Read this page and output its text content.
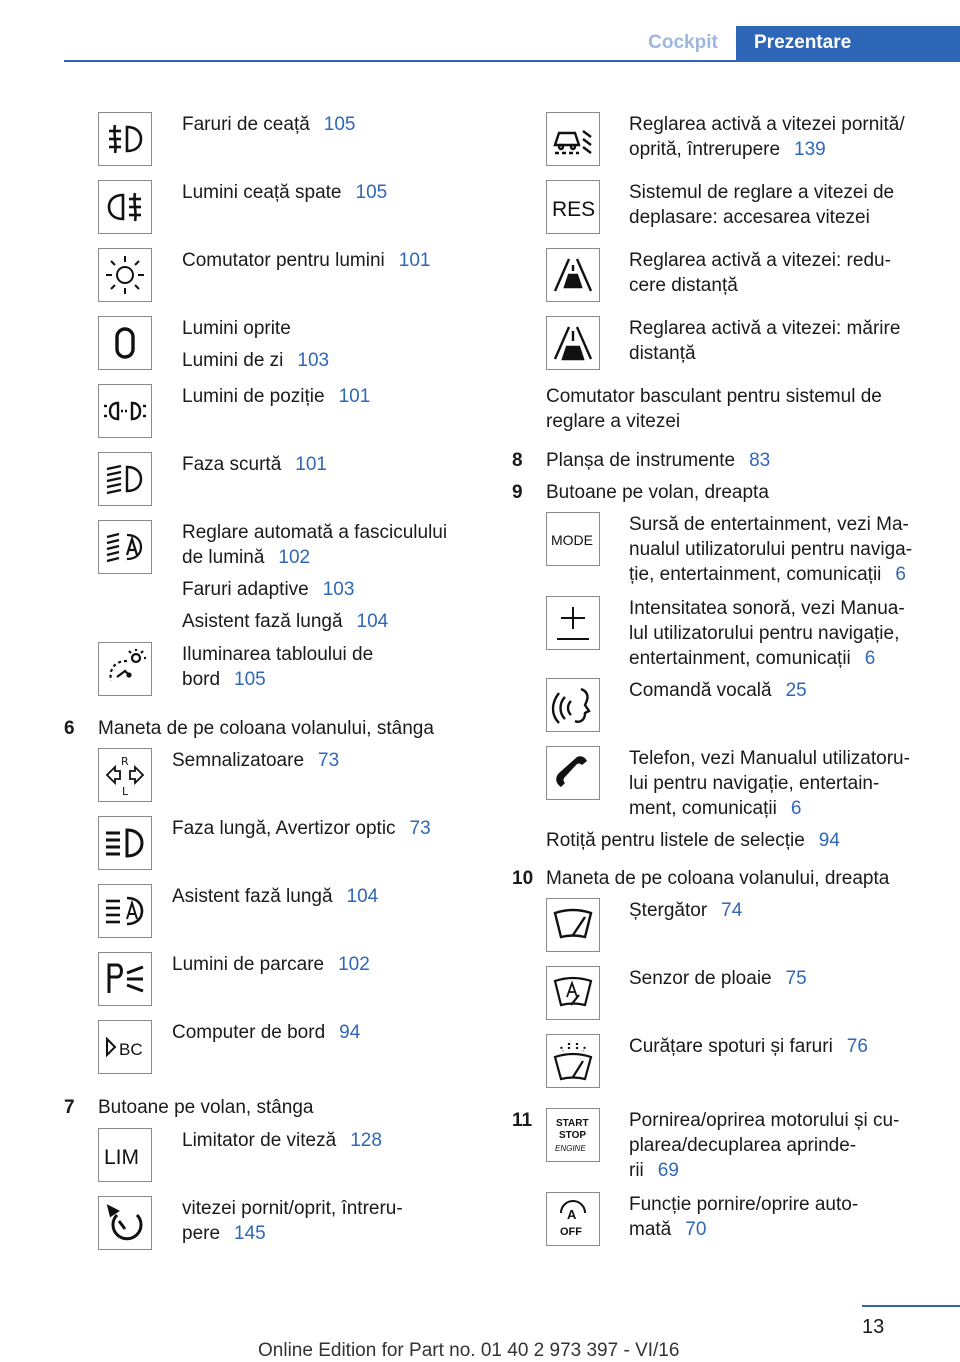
Cockpit	Prezentare
Faruri de ceață 105
Lumini ceață spate 105
Comutator pentru lumini 101
Lumini oprite
Lumini de zi 103
Lumini de poziție 101
Faza scurtă 101
Reglare automată a fasciculului
de lumină 102
Faruri adaptive 103
Asistent fază lungă 104
Iluminarea tabloului de
bord 105
6 Maneta de pe coloana volanului, stânga
R
L
Semnalizatoare 73
Faza lungă, Avertizor optic 73
Asistent fază lungă 104
Lumini de parcare 102
BC
Computer de bord 94
7 Butoane pe volan, stânga
LIM
Limitator de viteză 128
vitezei pornit/oprit, întreru-
pere 145
Reglarea activă a vitezei pornită/
oprită, întrerupere 139
RES
Sistemul de reglare a vitezei de
deplasare: accesarea vitezei
Reglarea activă a vitezei: redu-
cere distanță
Reglarea activă a vitezei: mărire
distanță
Comutator basculant pentru sistemul de
reglare a vitezei
8 Planșa de instrumente 83
9 Butoane pe volan, dreapta
MODE
Sursă de entertainment, vezi Ma-
nualul utilizatorului pentru naviga-
ție, entertainment, comunicații 6
Intensitatea sonoră, vezi Manua-
lul utilizatorului pentru navigație,
entertainment, comunicații 6
Comandă vocală 25
Telefon, vezi Manualul utilizatoru-
lui pentru navigație, entertain-
ment, comunicații 6
Rotiță pentru listele de selecție 94
10 Maneta de pe coloana volanului, dreapta
Ștergător 74
Senzor de ploaie 75
Curățare spoturi și faruri 76
11 START
STOP
ENGINE
Pornirea/oprirea motorului și cu-
plarea/decuplarea aprinde-
rii 69
A
OFF
Funcție pornire/oprire auto-
mată 70
13
Online Edition for Part no. 01 40 2 973 397 - VI/16
